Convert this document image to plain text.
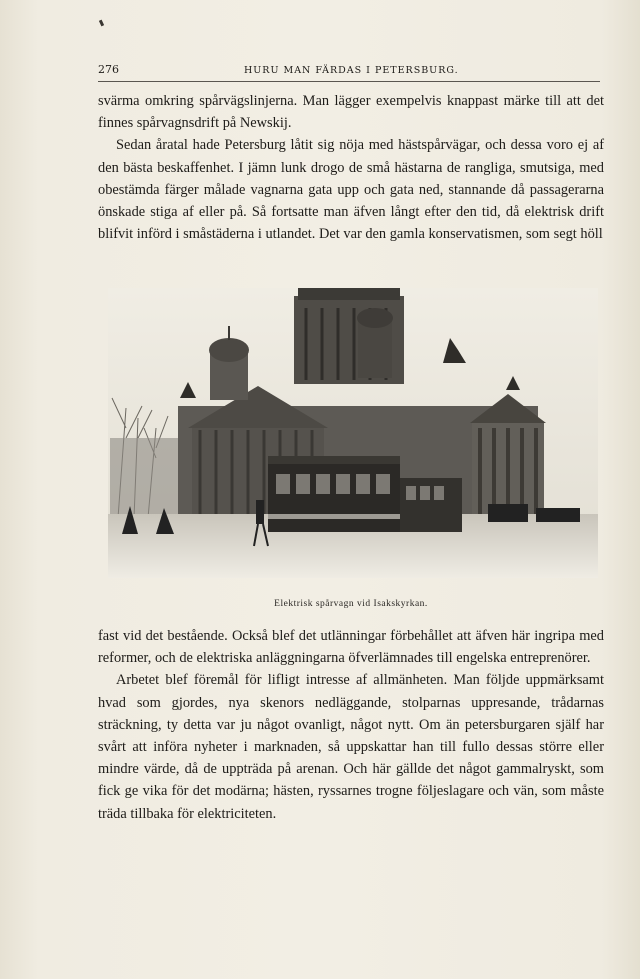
276	HURU MAN FÄRDAS I PETERSBURG.

svärma omkring spårvägslinjerna. Man lägger exempelvis knappast märke till att det finnes spårvagnsdrift på Newskij.

Sedan åratal hade Petersburg låtit sig nöja med hästspårvägar, och dessa voro ej af den bästa beskaffenhet. I jämn lunk drogo de små hästarna de rangliga, smutsiga, med obestämda färger målade vagnarna gata upp och gata ned, stannande då passagerarna önskade stiga af eller på. Så fortsatte man äfven långt efter den tid, då elektrisk drift blifvit införd i småstäderna i utlandet. Det var den gamla konservatismen, som segt höll

Elektrisk spårvagn vid Isakskyrkan.

fast vid det bestående. Också blef det utlänningar förbehållet att äfven här ingripa med reformer, och de elektriska anläggningarna öfverlämnades till engelska entreprenörer.

Arbetet blef föremål för lifligt intresse af allmänheten. Man följde uppmärksamt hvad som gjordes, nya skenors nedläggande, stolparnas uppresande, trådarnas sträckning, ty detta var ju något ovanligt, något nytt. Om än petersburgaren själf har svårt att införa nyheter i marknaden, så uppskattar han till fullo dessas större eller mindre värde, då de uppträda på arenan. Och här gällde det något gammalryskt, som fick ge vika för det modärna; hästen, ryssarnes trogne följeslagare och vän, som måste träda tillbaka för elektriciteten.
